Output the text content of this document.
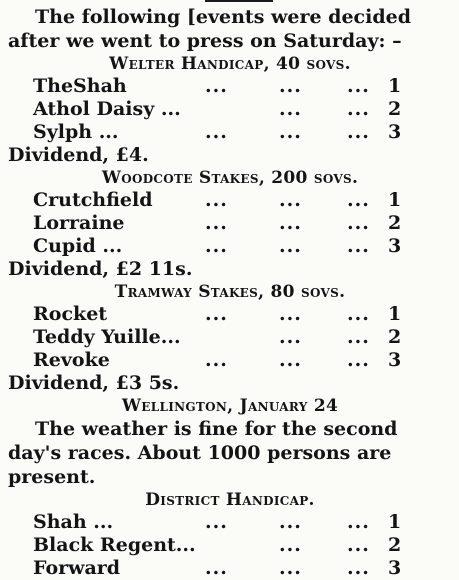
The following [events were decided after we went to press on Saturday: –

Welter Handicap, 40 sovs.
TheShah	...	... ... 1
Athol Daisy ...	... ... 2
Sylph ...	...	... ... 3

Dividend, £4.

Woodcote Stakes, 200 sovs.
Crutchfield	...	... ... 1
Lorraine	...	... ... 2
Cupid ...	...	... ... 3

Dividend, £2 11s.

Tramway Stakes, 80 sovs.
Rocket	...	... ... 1
Teddy Yuille...	... ... 2
Revoke	...	... ... 3

Dividend, £3 5s.

Wellington, January 24

The weather is fine for the second day's races. About 1000 persons are present.

District Handicap.
Shah ...	...	... ... 1
Black Regent...	... ... 2
Forward	...	... ... 3
